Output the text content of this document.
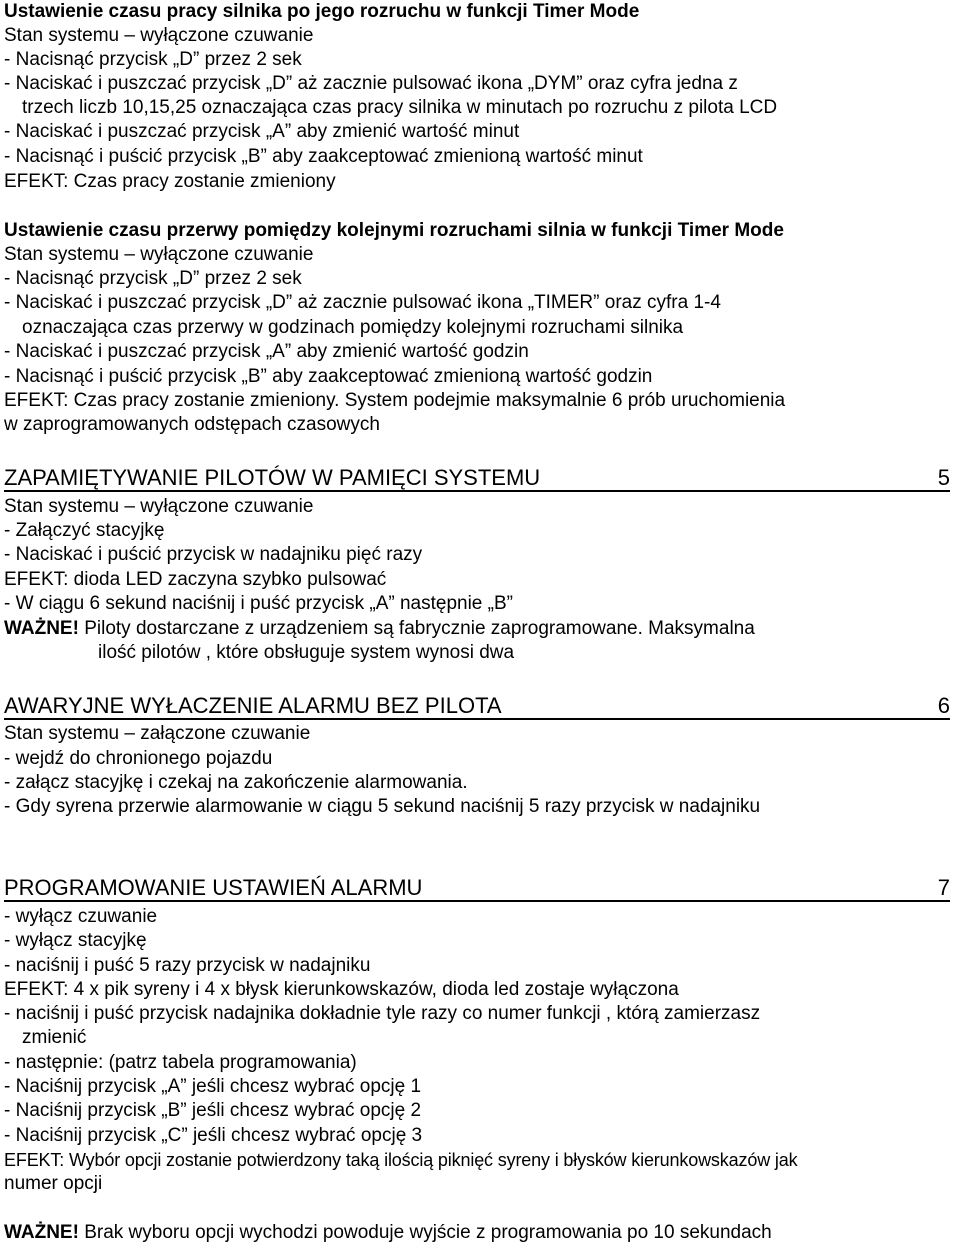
Ustawienie czasu pracy silnika po jego rozruchu w funkcji Timer Mode
Stan systemu – wyłączone czuwanie
- Nacisnąć przycisk „D” przez 2 sek
- Naciskać i puszczać przycisk „D” aż zacznie pulsować ikona „DYM” oraz cyfra jedna z
trzech liczb 10,15,25 oznaczająca czas pracy silnika w minutach po rozruchu z pilota LCD
- Naciskać i puszczać przycisk „A” aby zmienić wartość minut
- Nacisnąć i puścić przycisk „B” aby zaakceptować zmienioną wartość minut
EFEKT: Czas pracy zostanie zmieniony
Ustawienie czasu przerwy pomiędzy kolejnymi rozruchami silnia w funkcji Timer Mode
Stan systemu – wyłączone czuwanie
- Nacisnąć przycisk „D” przez 2 sek
- Naciskać i puszczać przycisk „D” aż zacznie pulsować ikona „TIMER” oraz cyfra 1-4
oznaczająca czas przerwy w godzinach pomiędzy kolejnymi rozruchami silnika
- Naciskać i puszczać przycisk „A” aby zmienić wartość godzin
- Nacisnąć i puścić przycisk „B” aby zaakceptować zmienioną wartość godzin
EFEKT: Czas pracy zostanie zmieniony. System podejmie maksymalnie 6 prób uruchomienia
w zaprogramowanych odstępach czasowych
ZAPAMIĘTYWANIE PILOTÓW W PAMIĘCI SYSTEMU	5
Stan systemu – wyłączone czuwanie
- Załączyć stacyjkę
- Naciskać i puścić przycisk w nadajniku pięć razy
EFEKT: dioda LED zaczyna szybko pulsować
- W ciągu 6 sekund naciśnij i puść przycisk „A” następnie „B”
WAŻNE! Piloty dostarczane z urządzeniem są fabrycznie zaprogramowane. Maksymalna
ilość pilotów , które obsługuje system wynosi dwa
AWARYJNE WYŁACZENIE ALARMU BEZ PILOTA	6
Stan systemu – załączone czuwanie
- wejdź do chronionego pojazdu
- załącz stacyjkę i czekaj na zakończenie alarmowania.
- Gdy syrena przerwie alarmowanie w ciągu 5 sekund naciśnij 5 razy przycisk w nadajniku
PROGRAMOWANIE USTAWIEŃ ALARMU	7
- wyłącz czuwanie
- wyłącz stacyjkę
- naciśnij i puść 5 razy przycisk w nadajniku
EFEKT: 4 x pik syreny i 4 x błysk kierunkowskazów, dioda led zostaje wyłączona
- naciśnij i puść przycisk nadajnika dokładnie tyle razy co numer funkcji , którą zamierzasz
zmienić
- następnie: (patrz tabela programowania)
- Naciśnij przycisk „A” jeśli chcesz wybrać opcję 1
- Naciśnij przycisk „B” jeśli chcesz wybrać opcję 2
- Naciśnij przycisk „C” jeśli chcesz wybrać opcję 3
EFEKT: Wybór opcji zostanie potwierdzony taką ilością piknięć syreny i błysków kierunkowskazów jak
numer opcji
WAŻNE! Brak wyboru opcji wychodzi powoduje wyjście z programowania po 10 sekundach
